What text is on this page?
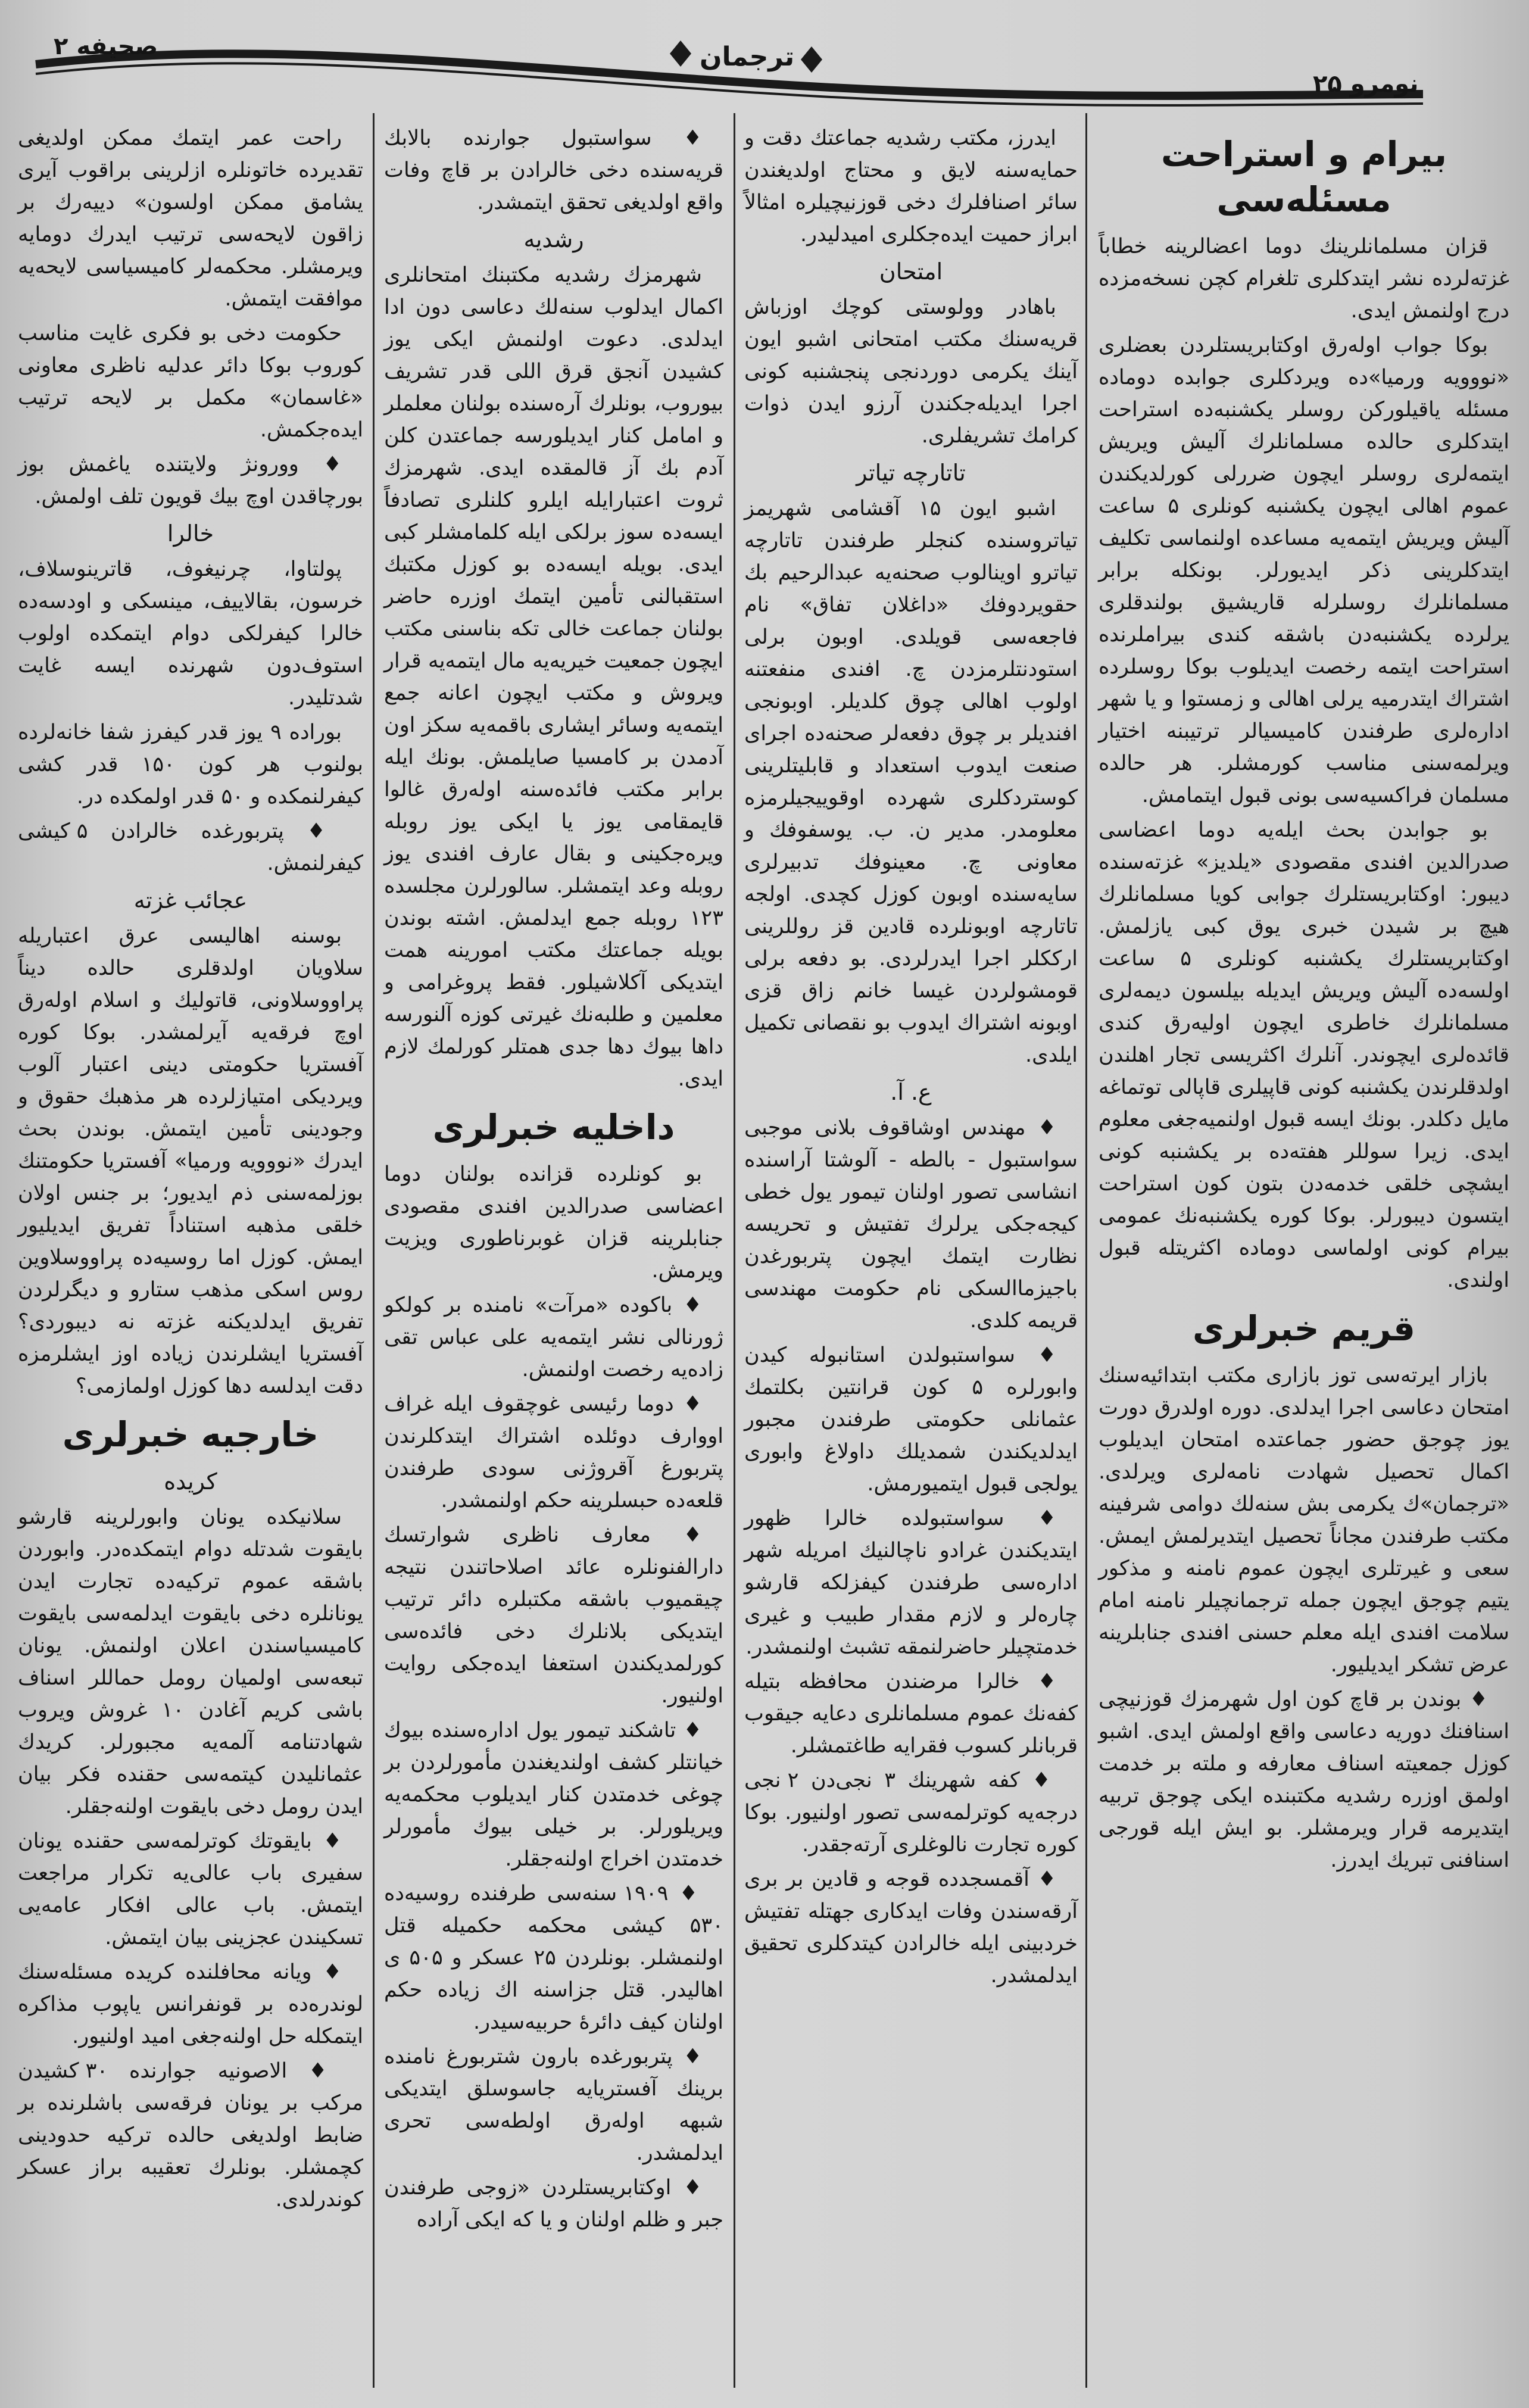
صحیفه ۲	ترجمان
نومرو ۲۵
بیرام و استراحت مسئله‌سی
قزان مسلمانلرینك دوما اعضالرینه خطاباً غزته‌لرده نشر ایتدکلری تلغرام کچن نسخه‌مزده درج اولنمش ایدی.
بوکا جواب اوله‌رق اوکتابریستلردن بعضلری «نووویه ورمیا»ده ویردکلری جوابده دوماده مسئله یاقیلورکن روسلر یکشنبه‌ده استراحت ایتدکلری حالده مسلمانلرك آلیش ویریش ایتمه‌لری روسلر ایچون ضررلی کورلدیکندن عموم اهالی ایچون یکشنبه کونلری ۵ ساعت آلیش ویریش ایتمه‌یه مساعده اولنماسی تکلیف ایتدکلرینی ذکر ایدیورلر. بونکله برابر مسلمانلرك روسلرله قاریشیق بولندقلری یرلرده یکشنبه‌دن باشقه کندی بیراملرنده استراحت ایتمه رخصت ایدیلوب بوکا روسلرده اشتراك ایتدرمیه یرلی اهالی و زمستوا و یا شهر اداره‌لری طرفندن کامیسیالر ترتیبنه اختیار ویرلمه‌سنی مناسب کورمشلر. هر حالده مسلمان فراکسیه‌سی بونی قبول ایتمامش.
بو جوابدن بحث ایله‌یه دوما اعضاسی صدرالدین افندی مقصودی «یلدیز» غزته‌سنده دیبور: اوکتابریستلرك جوابی کویا مسلمانلرك هیچ بر شیدن خبری یوق کبی یازلمش. اوکتابریستلرك یکشنبه کونلری ۵ ساعت اولسه‌ده آلیش ویریش ایدیله بیلسون دیمه‌لری مسلمانلرك خاطری ایچون اولیه‌رق کندی قائده‌لری ایچوندر. آنلرك اکثریسی تجار اهلندن اولدقلرندن یکشنبه کونی قاپیلری قاپالی توتماغه مایل دکلدر. بونك ایسه قبول اولنمیه‌جغی معلوم ایدی. زیرا سوللر هفته‌ده بر یکشنبه کونی ایشچی خلقی خدمه‌دن بتون کون استراحت ایتسون دیبورلر. بوکا کوره یکشنبه‌نك عمومی بیرام کونی اولماسی دوماده اکثریتله قبول اولندی.
قریم خبرلری
بازار ایرته‌سی توز بازاری مکتب ابتدائیه‌سنك امتحان دعاسی اجرا ایدلدی. دوره اولدرق دورت یوز چوجق حضور جماعتده امتحان ایدیلوب اکمال تحصیل شهادت نامه‌لری ویرلدی. «ترجمان»ك یکرمی بش سنه‌لك دوامی شرفینه مکتب طرفندن مجاناً تحصیل ایتدیرلمش ایمش. سعی و غیرتلری ایچون عموم نامنه و مذکور یتیم چوجق ایچون جمله ترجمانچیلر نامنه امام سلامت افندی ایله معلم حسنی افندی جنابلرینه عرض تشکر ایدیلیور.
♦ بوندن بر قاچ کون اول شهرمزك قوزنیچی اسنافنك دوریه دعاسی واقع اولمش ایدی. اشبو کوزل جمعیته اسناف معارفه و ملته بر خدمت اولمق اوزره رشدیه مکتبنده ایکی چوجق تربیه ایتدیرمه قرار ویرمشلر. بو ایش ایله قورجی اسنافنی تبریك ایدرز.
ایدرز، مکتب رشدیه جماعتك دقت و حمایه‌سنه لایق و محتاج اولدیغندن سائر اصنافلرك دخی قوزنیچیلره امثالاً ابراز حمیت ایده‌جکلری امیدلیدر.
امتحان
باهادر وولوستی کوچك اوزباش قریه‌سنك مکتب امتحانی اشبو ایون آینك یکرمی دوردنجی پنجشنبه کونی اجرا ایدیله‌جکندن آرزو ایدن ذوات کرامك تشریفلری.
تاتارچه تیاتر
اشبو ایون ۱۵ آقشامی شهریمز تیاتروسنده کنجلر طرفندن تاتارچه تیاترو اوینالوب صحنه‌یه عبدالرحیم بك حقویردوفك «داغلان تفاق» نام فاجعه‌سی قویلدی. اوبون برلی استودنتلرمزدن چ. افندی منفعتنه اولوب اهالی چوق کلدیلر. اوبونجی افندیلر بر چوق دفعه‌لر صحنه‌ده اجرای صنعت ایدوب استعداد و قابلیتلرینی کوستردکلری شهرده اوقوییجیلرمزه معلومدر. مدیر ن. ب. یوسفوفك و معاونی چ. معینوفك تدبیرلری سایه‌سنده اوبون کوزل کچدی. اولجه تاتارچه اوبونلرده قادین قز روللرینی ارککلر اجرا ایدرلردی. بو دفعه برلی قومشولردن غیسا خانم زاق قزی اوبونه اشتراك ایدوب بو نقصانی تکمیل ایلدی.
ع. آ.
♦ مهندس اوشاقوف بلانی موجبی سواستبول - بالطه - آلوشتا آراسنده انشاسی تصور اولنان تیمور یول خطی کیجه‌جکی یرلرك تفتیش و تحریسه نظارت ایتمك ایچون پتربورغدن باجیزماالسکی نام حکومت مهندسی قریمه کلدی.
♦ سواستبولدن استانبوله کیدن وابورلره ۵ کون قرانتین بکلتمك عثمانلی حکومتی طرفندن مجبور ایدلدیکندن شمدیلك داولاغ وابوری یولجی قبول ایتمیورمش.
♦ سواستبولده خالرا ظهور ایتدیکندن غرادو ناچالنیك امریله شهر اداره‌سی طرفندن کیفزلکه قارشو چاره‌لر و لازم مقدار طبیب و غیری خدمتچیلر حاضرلنمقه تشبث اولنمشدر.
♦ خالرا مرضندن محافظه بتیله کفه‌نك عموم مسلمانلری دعایه جیقوب قربانلر کسوب فقرایه طاغتمشلر.
♦ کفه شهرینك ۳ نجی‌دن ۲ نجی درجه‌یه کوترلمه‌سی تصور اولنیور. بوکا کوره تجارت نالوغلری آرته‌جقدر.
♦ آقمسجدده قوجه و قادین بر بری آرقه‌سندن وفات ایدکاری جهتله تفتیش خردبینی ایله خالرادن کیتدکلری تحقیق ایدلمشدر.
♦ سواستبول جوارنده بالابك قریه‌سنده دخی خالرادن بر قاچ وفات واقع اولدیغی تحقق ایتمشدر.
رشدیه
شهرمزك رشدیه مکتبنك امتحانلری اکمال ایدلوب سنه‌لك دعاسی دون ادا ایدلدی. دعوت اولنمش ایکی یوز کشیدن آنجق قرق اللی قدر تشریف بیوروب، بونلرك آره‌سنده بولنان معلملر و امامل کنار ایدیلورسه جماعتدن کلن آدم بك آز قالمقده ایدی. شهرمزك ثروت اعتبارایله ایلرو کلنلری تصادفاً ایسه‌ده سوز برلکی ایله کلمامشلر کبی ایدی. بویله ایسه‌ده بو کوزل مکتبك استقبالنی تأمین ایتمك اوزره حاضر بولنان جماعت خالی تکه بناسنی مکتب ایچون جمعیت خیریه‌یه مال ایتمه‌یه قرار ویروش و مکتب ایچون اعانه جمع ایتمه‌یه وسائر ایشاری باقمه‌یه سکز اون آدمدن بر کامسیا صایلمش. بونك ایله برابر مکتب فائده‌سنه اوله‌رق غالوا قایمقامی یوز یا ایکی یوز روبله ویره‌جکینی و بقال عارف افندی یوز روبله وعد ایتمشلر. سالورلرن مجلسده ۱۲۳ روبله جمع ایدلمش. اشته بوندن بویله جماعتك مکتب امورینه همت ایتدیکی آکلاشیلور. فقط پروغرامی و معلمین و طلبه‌نك غیرتی کوزه آلنورسه داها بیوك دها جدی همتلر کورلمك لازم ایدی.
داخلیه خبرلری
بو کونلرده قزانده بولنان دوما اعضاسی صدرالدین افندی مقصودی جنابلرینه قزان غوبرناطوری ویزیت ویرمش.
♦ باکوده «مرآت» نامنده بر کولکو ژورنالی نشر ایتمه‌یه علی عباس تقی زاده‌یه رخصت اولنمش.
♦ دوما رئیسی غوچقوف ایله غراف اووارف دوئلده اشتراك ایتدکلرندن پتربورغ آقروژنی سودی طرفندن قلعه‌ده حبسلرینه حکم اولنمشدر.
♦ معارف ناظری شوارتسك دارالفنونلره عائد اصلاحاتندن نتیجه چیقمیوب باشقه مکتبلره دائر ترتیب ایتدیکی بلانلرك دخی فائده‌سی کورلمدیکندن استعفا ایده‌جکی روایت اولنیور.
♦ تاشکند تیمور یول اداره‌سنده بیوك خیانتلر کشف اولندیغندن مأمورلردن بر چوغی خدمتدن کنار ایدیلوب محکمه‌یه ویریلورلر. بر خیلی بیوك مأمورلر خدمتدن اخراج اولنه‌جقلر.
♦ ۱۹۰۹ سنه‌سی طرفنده روسیه‌ده ۵۳۰ کیشی محکمه حکمیله قتل اولنمشلر. بونلردن ۲۵ عسکر و ۵۰۵ ی اهالیدر. قتل جزاسنه اك زیاده حکم اولنان کیف دائرۀ حربیه‌سیدر.
♦ پتربورغده بارون شتربورغ نامنده برینك آفستریایه جاسوسلق ایتدیکی شبهه اوله‌رق اولطه‌سی تحری ایدلمشدر.
♦ اوکتابریستلردن «زوجی طرفندن جبر و ظلم اولنان و یا که ایکی آراده
راحت عمر ایتمك ممکن اولدیغی تقدیرده خاتونلره ازلرینی براقوب آیری یشامق ممکن اولسون» دییه‌رك بر زاقون لایحه‌سی ترتیب ایدرك دومایه ویرمشلر. محکمه‌لر کامیسیاسی لایحه‌یه موافقت ایتمش.
حکومت دخی بو فکری غایت مناسب کوروب بوکا دائر عدلیه ناظری معاونی «غاسمان» مکمل بر لایحه ترتیب ایده‌جکمش.
♦ وورونژ ولایتنده یاغمش بوز بورچاقدن اوچ بیك قویون تلف اولمش.
خالرا
پولتاوا، چرنیغوف، قاترینوسلاف، خرسون، بقالاییف، مینسکی و اودسه‌ده خالرا کیفرلکی دوام ایتمکده اولوب استوف‌دون شهرنده ایسه غایت شدتلیدر.
بوراده ۹ یوز قدر کیفرز شفا خانه‌لرده بولنوب هر کون ۱۵۰ قدر کشی کیفرلنمکده و ۵۰ قدر اولمکده در.
♦ پتربورغده خالرادن ۵ کیشی کیفرلنمش.
عجائب غزته
بوسنه اهالیسی عرق اعتباریله سلاویان اولدقلری حالده دیناً پراووسلاونی، قاتولیك و اسلام اوله‌رق اوچ فرقه‌یه آیرلمشدر. بوکا کوره آفستریا حکومتی دینی اعتبار آلوب ویردیکی امتیازلرده هر مذهبك حقوق و وجودینی تأمین ایتمش. بوندن بحث ایدرك «نووویه ورمیا» آفستریا حکومتنك بوزلمه‌سنی ذم ایدیور؛ بر جنس اولان خلقی مذهبه استناداً تفریق ایدیلیور ایمش. کوزل اما روسیه‌ده پراووسلاوین روس اسکی مذهب ستارو و دیگرلردن تفریق ایدلدیکنه غزته نه دیبوردی؟ آفستریا ایشلرندن زیاده اوز ایشلرمزه دقت ایدلسه دها کوزل اولمازمی؟
خارجیه خبرلری
کریده
سلانیکده یونان وابورلرینه قارشو بایقوت شدتله دوام ایتمکده‌در. وابوردن باشقه عموم ترکیه‌ده تجارت ایدن یونانلره دخی بایقوت ایدلمه‌سی بایقوت کامیسیاسندن اعلان اولنمش. یونان تبعه‌سی اولمیان رومل حماللر اسناف باشی کریم آغادن ۱۰ غروش ویروب شهادتنامه آلمه‌یه مجبورلر. کریدك عثمانلیدن کیتمه‌سی حقنده فکر بیان ایدن رومل دخی بایقوت اولنه‌جقلر.
♦ بایقوتك کوترلمه‌سی حقنده یونان سفیری باب عالی‌یه تکرار مراجعت ایتمش. باب عالی افکار عامه‌یی تسکیندن عجزینی بیان ایتمش.
♦ ویانه محافلنده کریده مسئله‌سنك لوندره‌ده بر قونفرانس یاپوب مذاکره ایتمکله حل اولنه‌جغی امید اولنیور.
♦ الاصونیه جوارنده ۳۰ کشیدن مرکب بر یونان فرقه‌سی باشلرنده بر ضابط اولدیغی حالده ترکیه حدودینی کچمشلر. بونلرك تعقیبه براز عسکر کوندرلدی.
